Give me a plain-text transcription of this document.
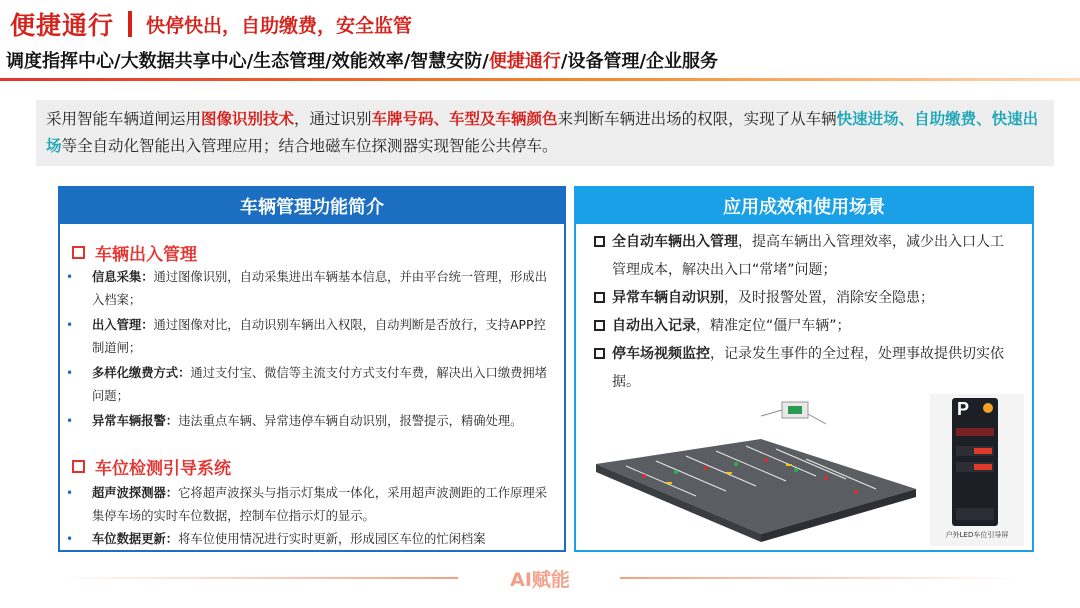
便捷通行 快停快出，自助缴费，安全监管
调度指挥中心/大数据共享中心/生态管理/效能效率/智慧安防/便捷通行/设备管理/企业服务
采用智能车辆道闸运用图像识别技术，通过识别车牌号码、车型及车辆颜色来判断车辆进出场的权限，实现了从车辆快速进场、自助缴费、快速出场等全自动化智能出入管理应用；结合地磁车位探测器实现智能公共停车。
车辆管理功能简介
车辆出入管理
•	信息采集：通过图像识别，自动采集进出车辆基本信息，并由平台统一管理，形成出入档案；
•	出入管理：通过图像对比，自动识别车辆出入权限，自动判断是否放行，支持APP控制道闸；
•	多样化缴费方式：通过支付宝、微信等主流支付方式支付车费，解决出入口缴费拥堵问题；
•	异常车辆报警：违法重点车辆、异常违停车辆自动识别，报警提示，精确处理。
车位检测引导系统
•	超声波探测器：它将超声波探头与指示灯集成一体化，采用超声波测距的工作原理采集停车场的实时车位数据，控制车位指示灯的显示。
•	车位数据更新：将车位使用情况进行实时更新，形成园区车位的忙闲档案
应用成效和使用场景
全自动车辆出入管理，提高车辆出入管理效率，减少出入口人工管理成本，解决出入口“常堵”问题；
异常车辆自动识别，及时报警处置，消除安全隐患；
自动出入记录，精准定位“僵尸车辆”；
停车场视频监控，记录发生事件的全过程，处理事故提供切实依据。
P
户外LED车位引导屏
AI赋能
